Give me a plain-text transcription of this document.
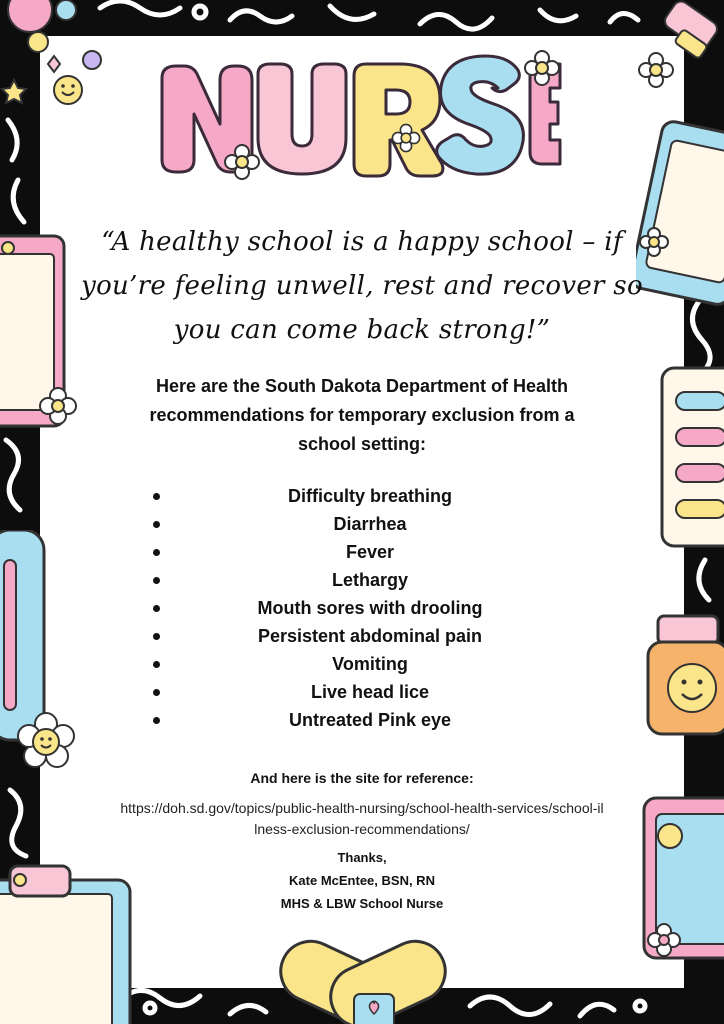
“A healthy school is a happy school – if you’re feeling unwell, rest and recover so you can come back strong!”
Here are the South Dakota Department of Health recommendations for temporary exclusion from a school setting:
Difficulty breathing
Diarrhea
Fever
Lethargy
Mouth sores with drooling
Persistent abdominal pain
Vomiting
Live head lice
Untreated Pink eye
And here is the site for reference:
https://doh.sd.gov/topics/public-health-nursing/school-health-services/school-illness-exclusion-recommendations/
Thanks,
Kate McEntee, BSN, RN
MHS & LBW School Nurse
